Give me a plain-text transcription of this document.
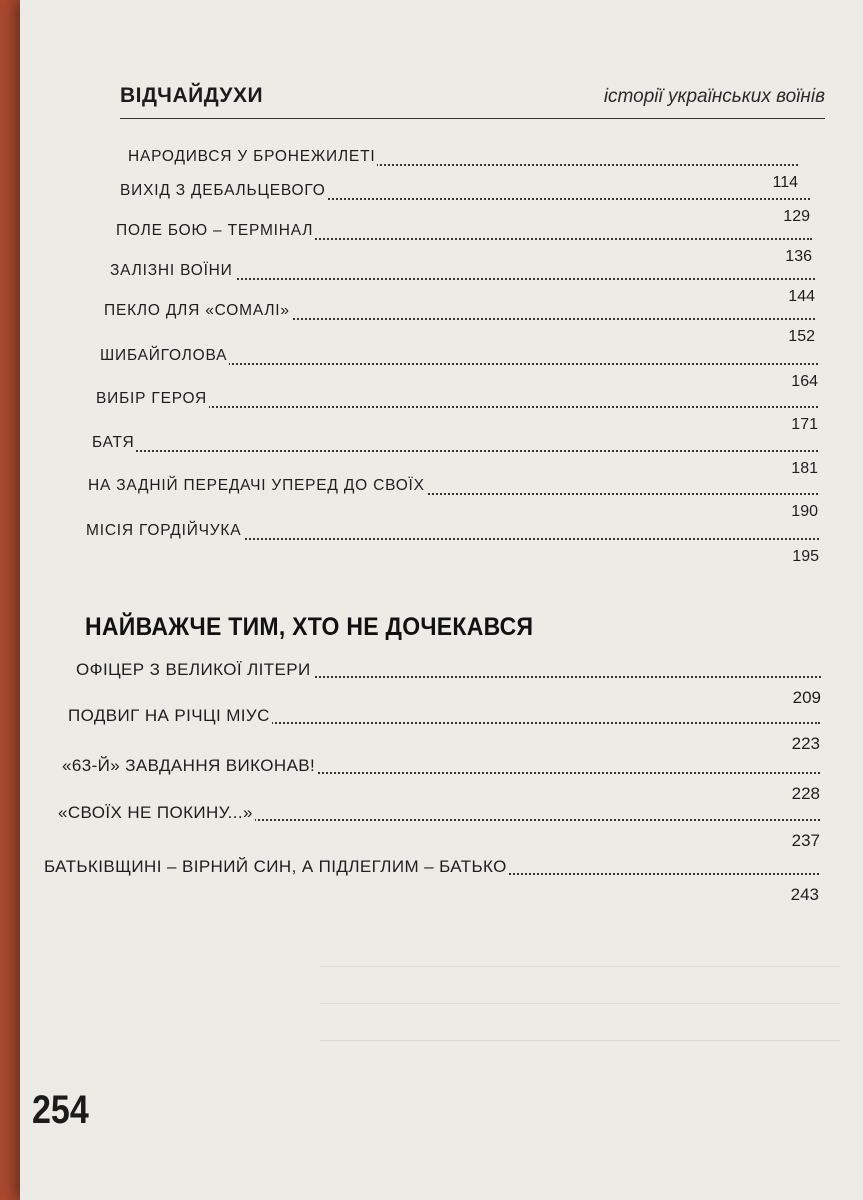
ВІДЧАЙДУХИ	історії українських воїнів
НАРОДИВСЯ У БРОНЕЖИЛЕТІ
114
ВИХІД З ДЕБАЛЬЦЕВОГО
129
ПОЛЕ БОЮ – ТЕРМІНАЛ
136
ЗАЛІЗНІ ВОЇНИ
144
ПЕКЛО ДЛЯ «СОМАЛІ»
152
ШИБАЙГОЛОВА
164
ВИБІР ГЕРОЯ
171
БАТЯ
181
НА ЗАДНІЙ ПЕРЕДАЧІ УПЕРЕД ДО СВОЇХ
190
МІСІЯ ГОРДІЙЧУКА
195
НАЙВАЖЧЕ ТИМ, ХТО НЕ ДОЧЕКАВСЯ
ОФІЦЕР З ВЕЛИКОЇ ЛІТЕРИ
209
ПОДВИГ НА РІЧЦІ МІУС
223
«63-Й» ЗАВДАННЯ ВИКОНАВ!
228
«СВОЇХ НЕ ПОКИНУ...»
237
БАТЬКІВЩИНІ – ВІРНИЙ СИН, А ПІДЛЕГЛИМ – БАТЬКО
243
254
